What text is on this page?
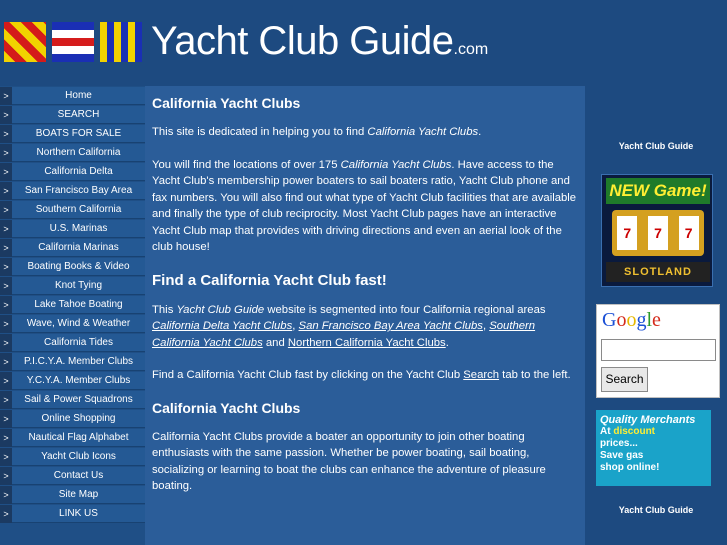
Yacht Club Guide.com
>	Home
>	SEARCH
>	BOATS FOR SALE
>	Northern California
>	California Delta
>	San Francisco Bay Area
>	Southern California
>	U.S. Marinas
>	California Marinas
>	Boating Books & Video
>	Knot Tying
>	Lake Tahoe Boating
>	Wave, Wind & Weather
>	California Tides
>	P.I.C.Y.A. Member Clubs
>	Y.C.Y.A. Member Clubs
>	Sail & Power Squadrons
>	Online Shopping
>	Nautical Flag Alphabet
>	Yacht Club Icons
>	Contact Us
>	Site Map
>	LINK US
California Yacht Clubs

This site is dedicated in helping you to find California Yacht Clubs.

You will find the locations of over 175 California Yacht Clubs. Have access to the Yacht Club's membership power boaters to sail boaters ratio, Yacht Club phone and fax numbers. You will also find out what type of Yacht Club facilities that are available and finally the type of club reciprocity. Most Yacht Club pages have an interactive Yacht Club map that provides with driving directions and even an aerial look of the club house!

Find a California Yacht Club fast!

This Yacht Club Guide website is segmented into four California regional areas California Delta Yacht Clubs, San Francisco Bay Area Yacht Clubs, Southern California Yacht Clubs and Northern California Yacht Clubs.

Find a California Yacht Club fast by clicking on the Yacht Club Search tab to the left.

California Yacht Clubs

California Yacht Clubs provide a boater an opportunity to join other boating enthusiasts with the same passion. Whether be power boating, sail boating, socializing or learning to boat the clubs can enhance the adventure of pleasure boating.

Yacht Club Guide
NEW Game!
7	7	7
SLOTLAND
Google
Search
Quality Merchants
At discount
prices...
Save gas
shop online!
Yacht Club Guide
